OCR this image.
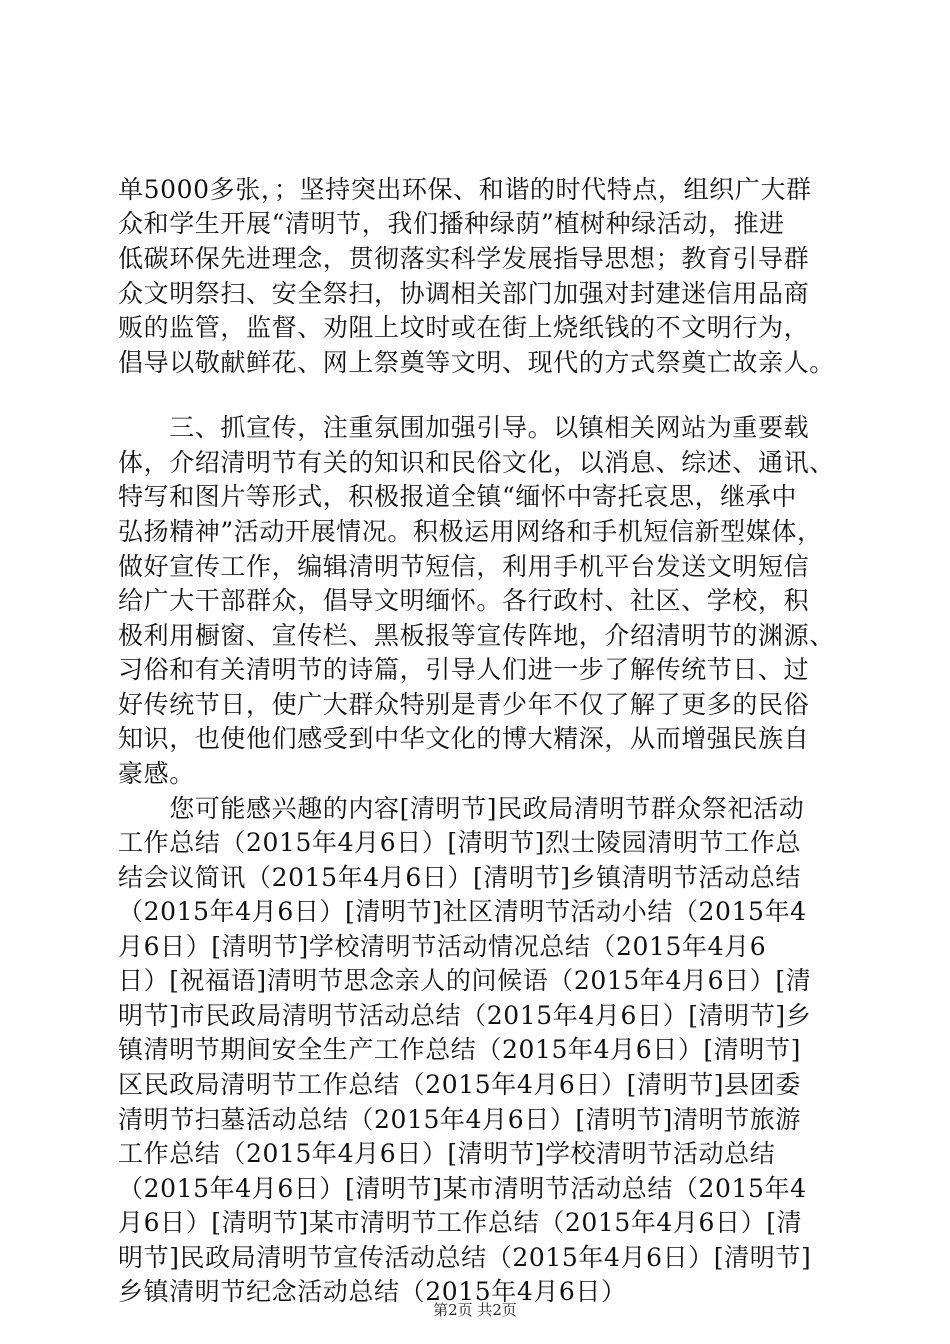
单5000多张，；坚持突出环保、和谐的时代特点，组织广大群
众和学生开展“清明节，我们播种绿荫”植树种绿活动，推进
低碳环保先进理念，贯彻落实科学发展指导思想；教育引导群
众文明祭扫、安全祭扫，协调相关部门加强对封建迷信用品商
贩的监管，监督、劝阻上坟时或在街上烧纸钱的不文明行为，
倡导以敬献鲜花、网上祭奠等文明、现代的方式祭奠亡故亲人。
　　三、抓宣传，注重氛围加强引导。以镇相关网站为重要载
体，介绍清明节有关的知识和民俗文化，以消息、综述、通讯、
特写和图片等形式，积极报道全镇“缅怀中寄托哀思，继承中
弘扬精神”活动开展情况。积极运用网络和手机短信新型媒体，
做好宣传工作，编辑清明节短信，利用手机平台发送文明短信
给广大干部群众，倡导文明缅怀。各行政村、社区、学校，积
极利用橱窗、宣传栏、黑板报等宣传阵地，介绍清明节的渊源、
习俗和有关清明节的诗篇，引导人们进一步了解传统节日、过
好传统节日，使广大群众特别是青少年不仅了解了更多的民俗
知识，也使他们感受到中华文化的博大精深，从而增强民族自
豪感。
　　您可能感兴趣的内容[清明节]民政局清明节群众祭祀活动
工作总结（2015年4月6日）[清明节]烈士陵园清明节工作总
结会议简讯（2015年4月6日）[清明节]乡镇清明节活动总结
（2015年4月6日）[清明节]社区清明节活动小结（2015年4
月6日）[清明节]学校清明节活动情况总结（2015年4月6
日）[祝福语]清明节思念亲人的问候语（2015年4月6日）[清
明节]市民政局清明节活动总结（2015年4月6日）[清明节]乡
镇清明节期间安全生产工作总结（2015年4月6日）[清明节]
区民政局清明节工作总结（2015年4月6日）[清明节]县团委
清明节扫墓活动总结（2015年4月6日）[清明节]清明节旅游
工作总结（2015年4月6日）[清明节]学校清明节活动总结
（2015年4月6日）[清明节]某市清明节活动总结（2015年4
月6日）[清明节]某市清明节工作总结（2015年4月6日）[清
明节]民政局清明节宣传活动总结（2015年4月6日）[清明节]
乡镇清明节纪念活动总结（2015年4月6日）
第2页 共2页
